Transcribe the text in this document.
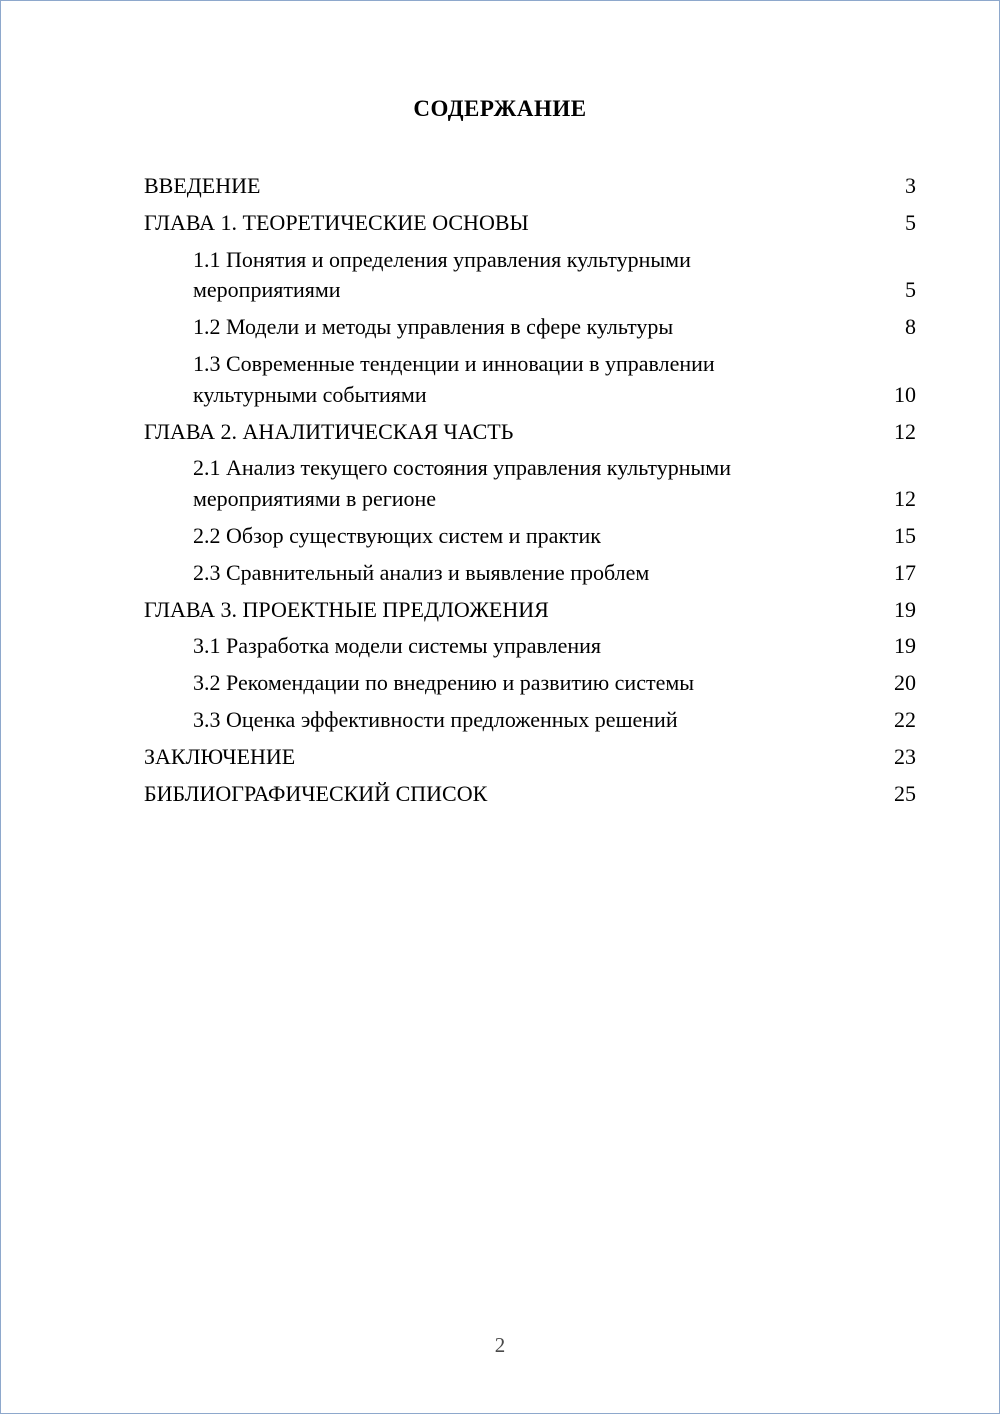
СОДЕРЖАНИЕ
ВВЕДЕНИЕ	3
ГЛАВА 1. ТЕОРЕТИЧЕСКИЕ ОСНОВЫ	5
1.1 Понятия и определения управления культурными мероприятиями	5
1.2 Модели и методы управления в сфере культуры	8
1.3 Современные тенденции и инновации в управлении культурными событиями	10
ГЛАВА 2. АНАЛИТИЧЕСКАЯ ЧАСТЬ	12
2.1 Анализ текущего состояния управления культурными мероприятиями в регионе	12
2.2 Обзор существующих систем и практик	15
2.3 Сравнительный анализ и выявление проблем	17
ГЛАВА 3. ПРОЕКТНЫЕ ПРЕДЛОЖЕНИЯ	19
3.1 Разработка модели системы управления	19
3.2 Рекомендации по внедрению и развитию системы	20
3.3 Оценка эффективности предложенных решений	22
ЗАКЛЮЧЕНИЕ	23
БИБЛИОГРАФИЧЕСКИЙ СПИСОК	25
2
